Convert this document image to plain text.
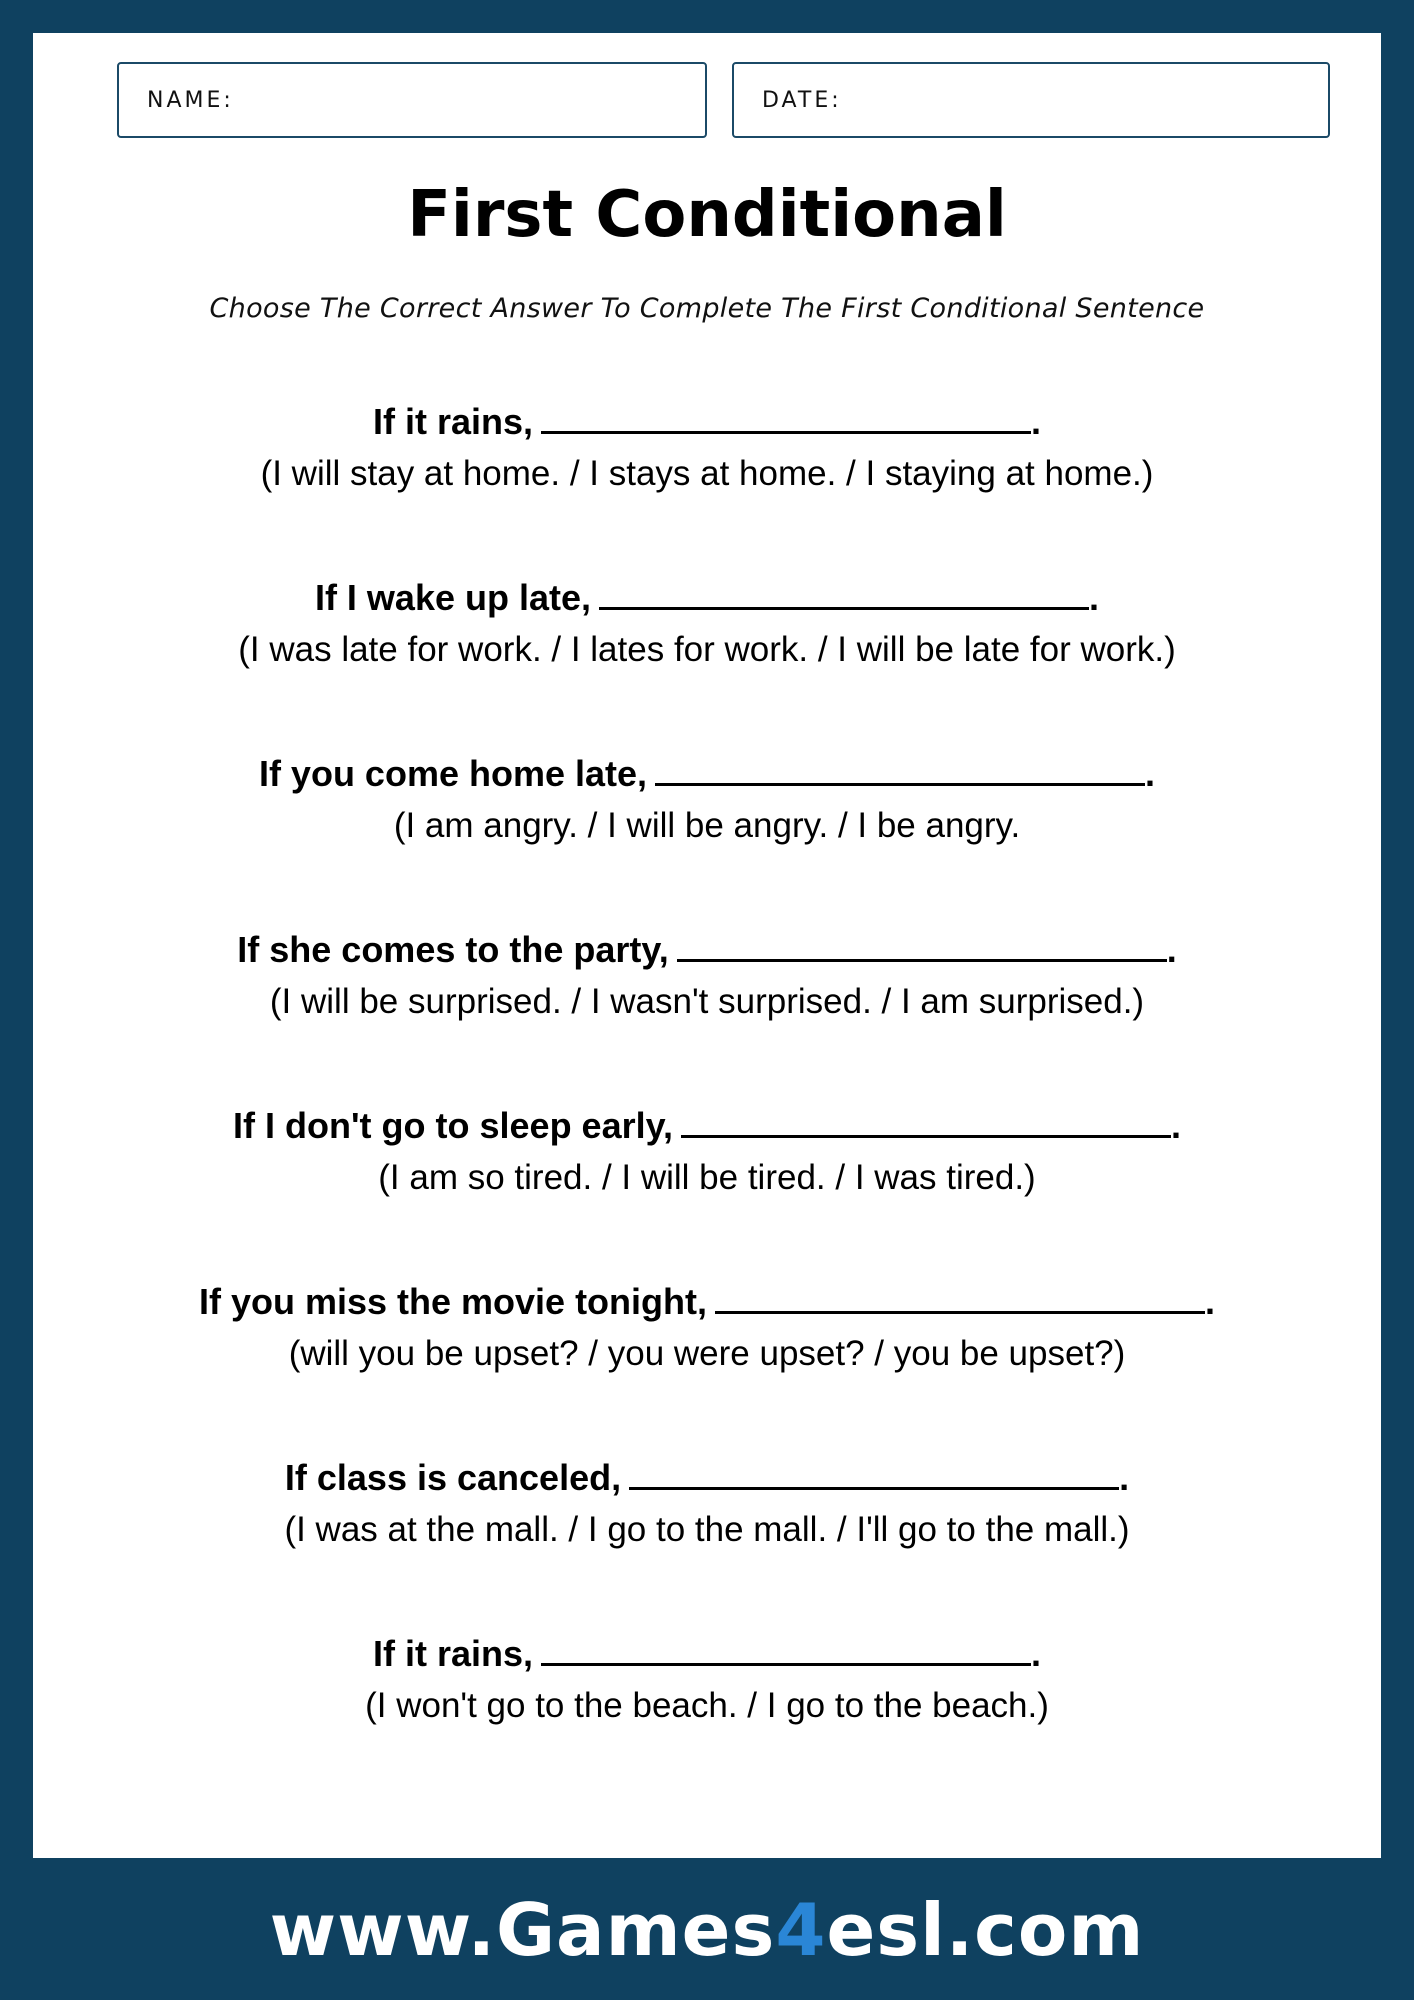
NAME:	DATE:
First Conditional
Choose The Correct Answer To Complete The First Conditional Sentence
If it rains,	.
(I will stay at home. / I stays at home. / I staying at home.)
If I wake up late,	.
(I was late for work. / I lates for work. / I will be late for work.)
If you come home late,	.
(I am angry. / I will be angry. / I be angry.
If she comes to the party,	.
(I will be surprised. / I wasn't surprised. / I am surprised.)
If I don't go to sleep early,	.
(I am so tired. / I will be tired. / I was tired.)
If you miss the movie tonight,	.
(will you be upset? / you were upset? / you be upset?)
If class is canceled,	.
(I was at the mall. / I go to the mall. / I'll go to the mall.)
If it rains,	.
(I won't go to the beach. / I go to the beach.)
www.Games4esl.com
